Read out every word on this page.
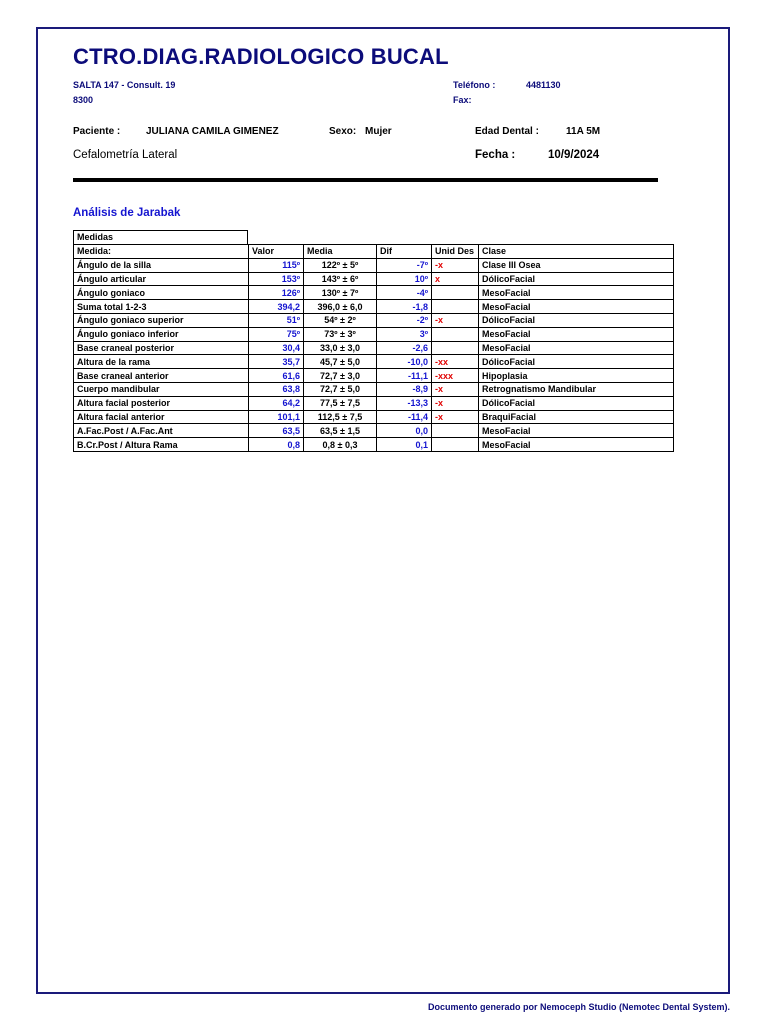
CTRO.DIAG.RADIOLOGICO BUCAL
SALTA 147 - Consult. 19
8300
Teléfono :	4481130
Fax:
Paciente :	JULIANA CAMILA GIMENEZ	Sexo: Mujer	Edad Dental :	11A 5M
Cefalometría Lateral	Fecha :	10/9/2024
Análisis de Jarabak
Medidas
Medida:	Valor	Media	Dif	Unid Des	Clase
Ángulo de la silla	115º	122º ± 5º	-7º	-x	Clase III Osea
Ángulo articular	153º	143º ± 6º	10º	x	DólicoFacial
Ángulo goniaco	126º	130º ± 7º	-4º		MesoFacial
Suma total 1-2-3	394,2	396,0 ± 6,0	-1,8		MesoFacial
Ángulo goniaco superior	51º	54º ± 2º	-2º	-x	DólicoFacial
Ángulo goniaco inferior	75º	73º ± 3º	3º		MesoFacial
Base craneal posterior	30,4	33,0 ± 3,0	-2,6		MesoFacial
Altura de la rama	35,7	45,7 ± 5,0	-10,0	-xx	DólicoFacial
Base craneal anterior	61,6	72,7 ± 3,0	-11,1	-xxx	Hipoplasia
Cuerpo mandibular	63,8	72,7 ± 5,0	-8,9	-x	Retrognatismo Mandibular
Altura facial posterior	64,2	77,5 ± 7,5	-13,3	-x	DólicoFacial
Altura facial anterior	101,1	112,5 ± 7,5	-11,4	-x	BraquiFacial
A.Fac.Post / A.Fac.Ant	63,5	63,5 ± 1,5	0,0		MesoFacial
B.Cr.Post / Altura Rama	0,8	0,8 ± 0,3	0,1		MesoFacial
Documento generado por Nemoceph Studio (Nemotec Dental System).
